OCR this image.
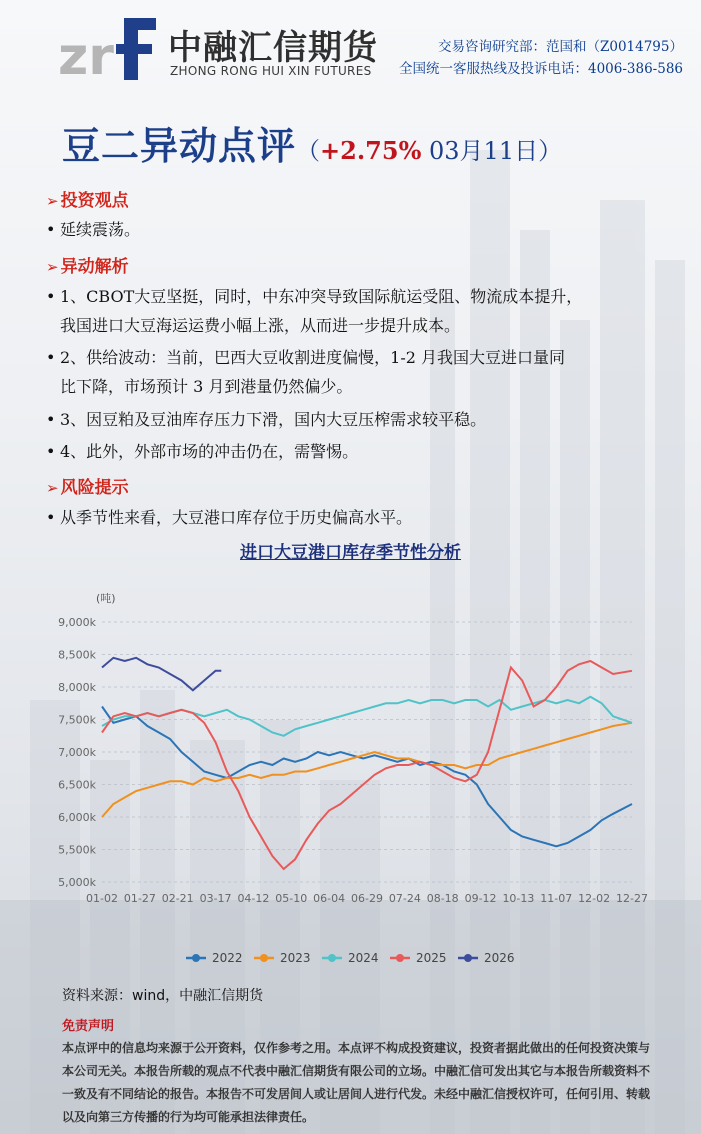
zr 中融汇信期货
ZHONG RONG HUI XIN FUTURES
交易咨询研究部：范国和（Z0014795）
全国统一客服热线及投诉电话：4006-386-586
豆二异动点评（+2.75% 03月11日）
➢ 投资观点
• 延续震荡。
➢ 异动解析
• 1、CBOT大豆坚挺，同时，中东冲突导致国际航运受阻、物流成本提升，
我国进口大豆海运运费小幅上涨，从而进一步提升成本。
• 2、供给波动：当前，巴西大豆收割进度偏慢，1-2 月我国大豆进口量同
比下降，市场预计 3 月到港量仍然偏少。
• 3、因豆粕及豆油库存压力下滑，国内大豆压榨需求较平稳。
• 4、此外，外部市场的冲击仍在，需警惕。
➢ 风险提示
• 从季节性来看，大豆港口库存位于历史偏高水平。
进口大豆港口库存季节性分析
(吨)
5,000k
5,500k
6,000k
6,500k
7,000k
7,500k
8,000k
8,500k
9,000k
01-02 01-27 02-21 03-17 04-12 05-10 06-04 06-29 07-24 08-18 09-12 10-13 11-07 12-02 12-27
2022	2023	2024	2025	2026
资料来源：wind，中融汇信期货
免责声明
本点评中的信息均来源于公开资料，仅作参考之用。本点评不构成投资建议，投资者据此做出的任何投资决策与本公司无关。本报告所载的观点不代表中融汇信期货有限公司的立场。中融汇信可发出其它与本报告所载资料不一致及有不同结论的报告。本报告不可发居间人或让居间人进行代发。未经中融汇信授权许可，任何引用、转载以及向第三方传播的行为均可能承担法律责任。
